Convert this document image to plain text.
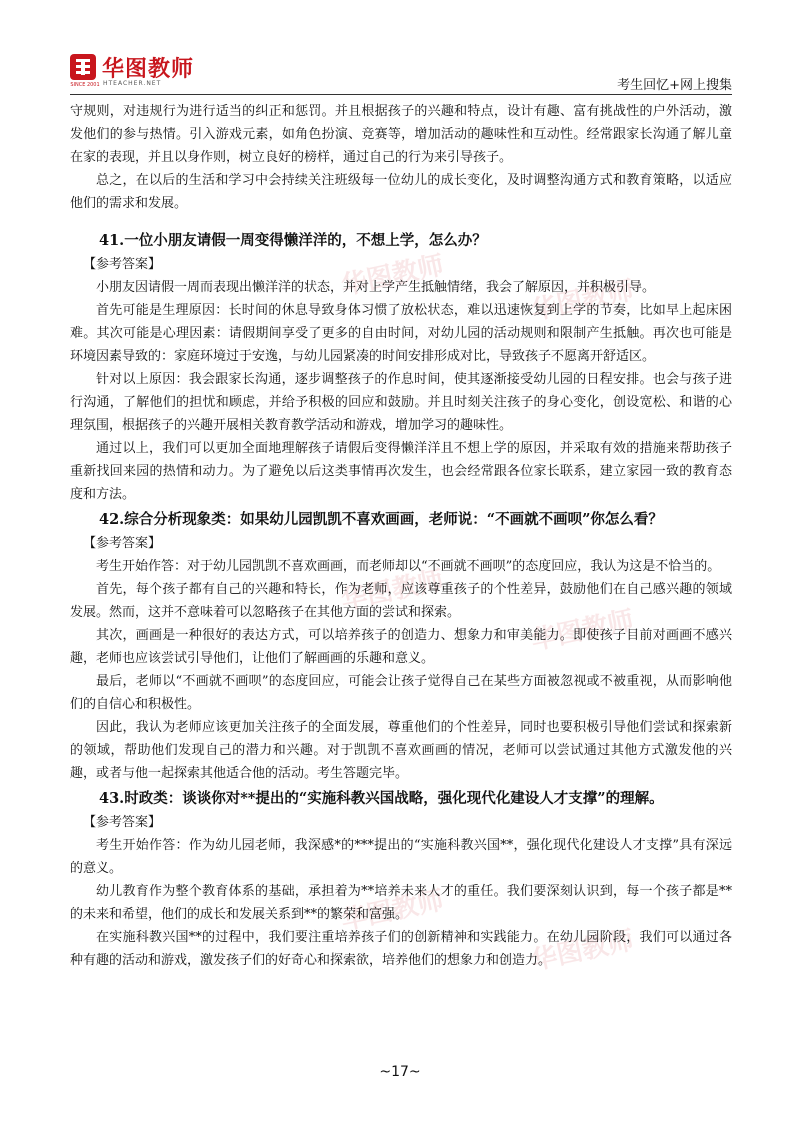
SINCE 2001
华图教师
HTEACHER.NET	考生回忆+网上搜集
华图教师	华图教师
华图教师
华图教师
华图教师
华图教师

守规则，对违规行为进行适当的纠正和惩罚。并且根据孩子的兴趣和特点，设计有趣、富有挑战性的户外活动，激发他们的参与热情。引入游戏元素，如角色扮演、竞赛等，增加活动的趣味性和互动性。经常跟家长沟通了解儿童在家的表现，并且以身作则，树立良好的榜样，通过自己的行为来引导孩子。

总之，在以后的生活和学习中会持续关注班级每一位幼儿的成长变化，及时调整沟通方式和教育策略，以适应他们的需求和发展。

41.一位小朋友请假一周变得懒洋洋的，不想上学，怎么办？

【参考答案】

小朋友因请假一周而表现出懒洋洋的状态，并对上学产生抵触情绪，我会了解原因，并积极引导。

首先可能是生理原因：长时间的休息导致身体习惯了放松状态，难以迅速恢复到上学的节奏，比如早上起床困难。其次可能是心理因素：请假期间享受了更多的自由时间，对幼儿园的活动规则和限制产生抵触。再次也可能是环境因素导致的：家庭环境过于安逸，与幼儿园紧凑的时间安排形成对比，导致孩子不愿离开舒适区。

针对以上原因：我会跟家长沟通，逐步调整孩子的作息时间，使其逐渐接受幼儿园的日程安排。也会与孩子进行沟通，了解他们的担忧和顾虑，并给予积极的回应和鼓励。并且时刻关注孩子的身心变化，创设宽松、和谐的心理氛围，根据孩子的兴趣开展相关教育教学活动和游戏，增加学习的趣味性。

通过以上，我们可以更加全面地理解孩子请假后变得懒洋洋且不想上学的原因，并采取有效的措施来帮助孩子重新找回来园的热情和动力。为了避免以后这类事情再次发生，也会经常跟各位家长联系，建立家园一致的教育态度和方法。

42.综合分析现象类：如果幼儿园凯凯不喜欢画画，老师说：“不画就不画呗”你怎么看？

【参考答案】

考生开始作答：对于幼儿园凯凯不喜欢画画，而老师却以“不画就不画呗”的态度回应，我认为这是不恰当的。

首先，每个孩子都有自己的兴趣和特长，作为老师，应该尊重孩子的个性差异，鼓励他们在自己感兴趣的领域发展。然而，这并不意味着可以忽略孩子在其他方面的尝试和探索。

其次，画画是一种很好的表达方式，可以培养孩子的创造力、想象力和审美能力。即使孩子目前对画画不感兴趣，老师也应该尝试引导他们，让他们了解画画的乐趣和意义。

最后，老师以“不画就不画呗”的态度回应，可能会让孩子觉得自己在某些方面被忽视或不被重视，从而影响他们的自信心和积极性。

因此，我认为老师应该更加关注孩子的全面发展，尊重他们的个性差异，同时也要积极引导他们尝试和探索新的领域，帮助他们发现自己的潜力和兴趣。对于凯凯不喜欢画画的情况，老师可以尝试通过其他方式激发他的兴趣，或者与他一起探索其他适合他的活动。考生答题完毕。

43.时政类：谈谈你对**提出的“实施科教兴国战略，强化现代化建设人才支撑”的理解。

【参考答案】

考生开始作答：作为幼儿园老师，我深感*的***提出的“实施科教兴国**，强化现代化建设人才支撑”具有深远的意义。

幼儿教育作为整个教育体系的基础，承担着为**培养未来人才的重任。我们要深刻认识到，每一个孩子都是**的未来和希望，他们的成长和发展关系到**的繁荣和富强。

在实施科教兴国**的过程中，我们要注重培养孩子们的创新精神和实践能力。在幼儿园阶段，我们可以通过各种有趣的活动和游戏，激发孩子们的好奇心和探索欲，培养他们的想象力和创造力。

~17~
